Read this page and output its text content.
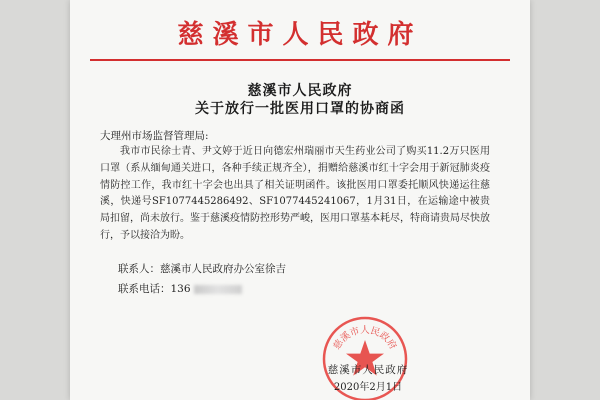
慈溪市人民政府
慈溪市人民政府
关于放行一批医用口罩的协商函
大理州市场监督管理局:

我市市民徐士青、尹文婷于近日向德宏州瑞丽市天生药业公司了购买11.2万只医用口罩（系从缅甸通关进口，各种手续正规齐全），捐赠给慈溪市红十字会用于新冠肺炎疫情防控工作，我市红十字会也出具了相关证明函件。该批医用口罩委托顺风快递运往慈溪，快递号SF1077445286492、SF1077445241067，1月31日，在运输途中被贵局扣留，尚未放行。鉴于慈溪疫情防控形势严峻，医用口罩基本耗尽，特商请贵局尽快放行，予以接洽为盼。

联系人：慈溪市人民政府办公室徐吉
联系电话：136
慈溪市人民政府
慈溪市人民政府
2020年2月1日
